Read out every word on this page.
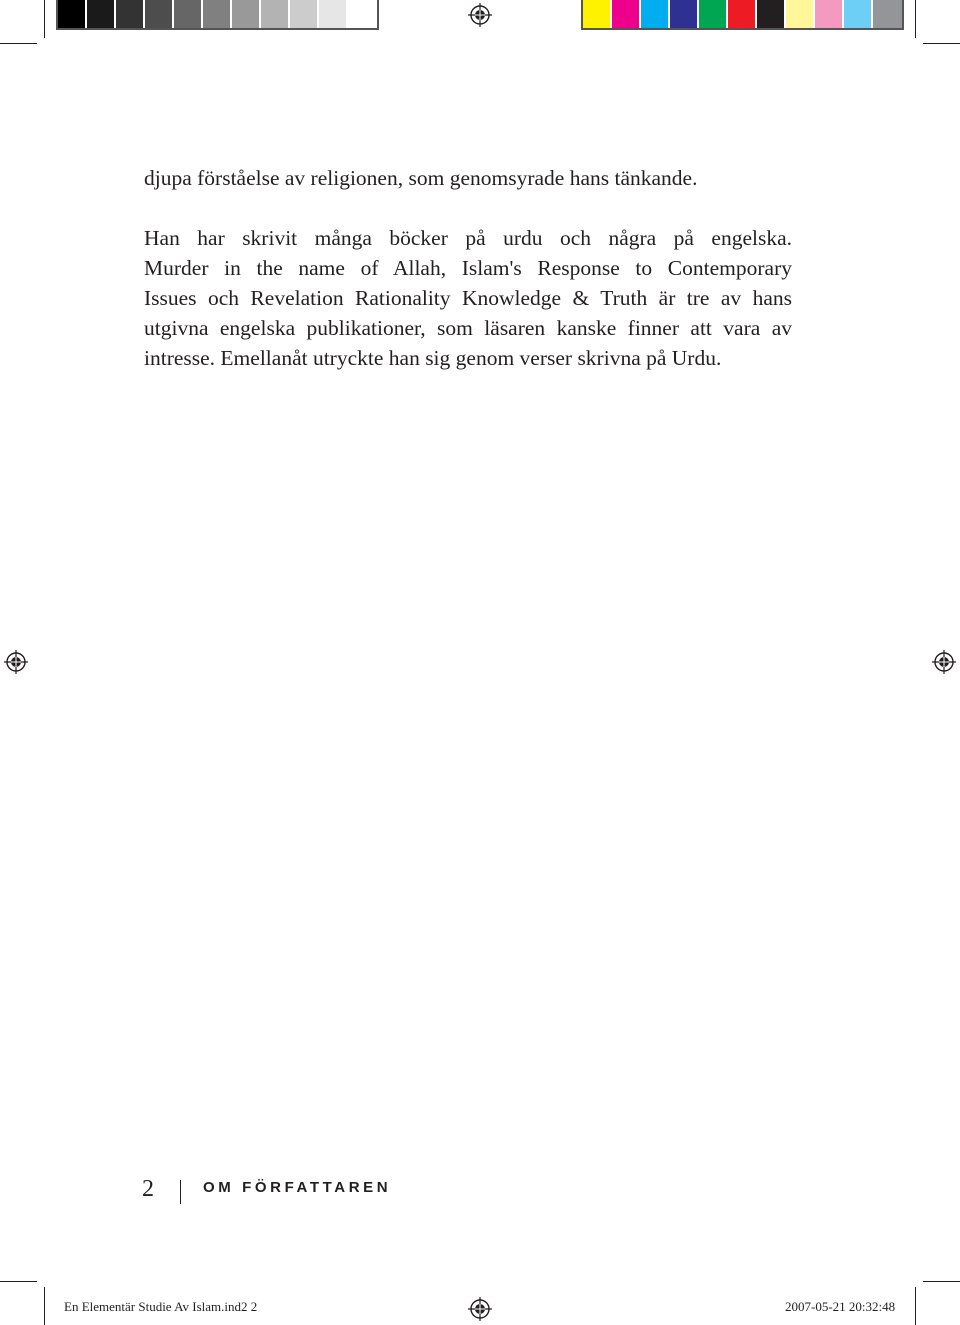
djupa förståelse av religionen, som genomsyrade hans tänkande.
Han har skrivit många böcker på urdu och några på engelska.
Murder in the name of Allah, Islam's Response to Contemporary
Issues och Revelation Rationality Knowledge & Truth är tre av hans
utgivna engelska publikationer, som läsaren kanske finner att vara av
intresse. Emellanåt utryckte han sig genom verser skrivna på Urdu.
2	OM FÖRFATTAREN
En Elementär Studie Av Islam.ind2 2	2007-05-21 20:32:48
